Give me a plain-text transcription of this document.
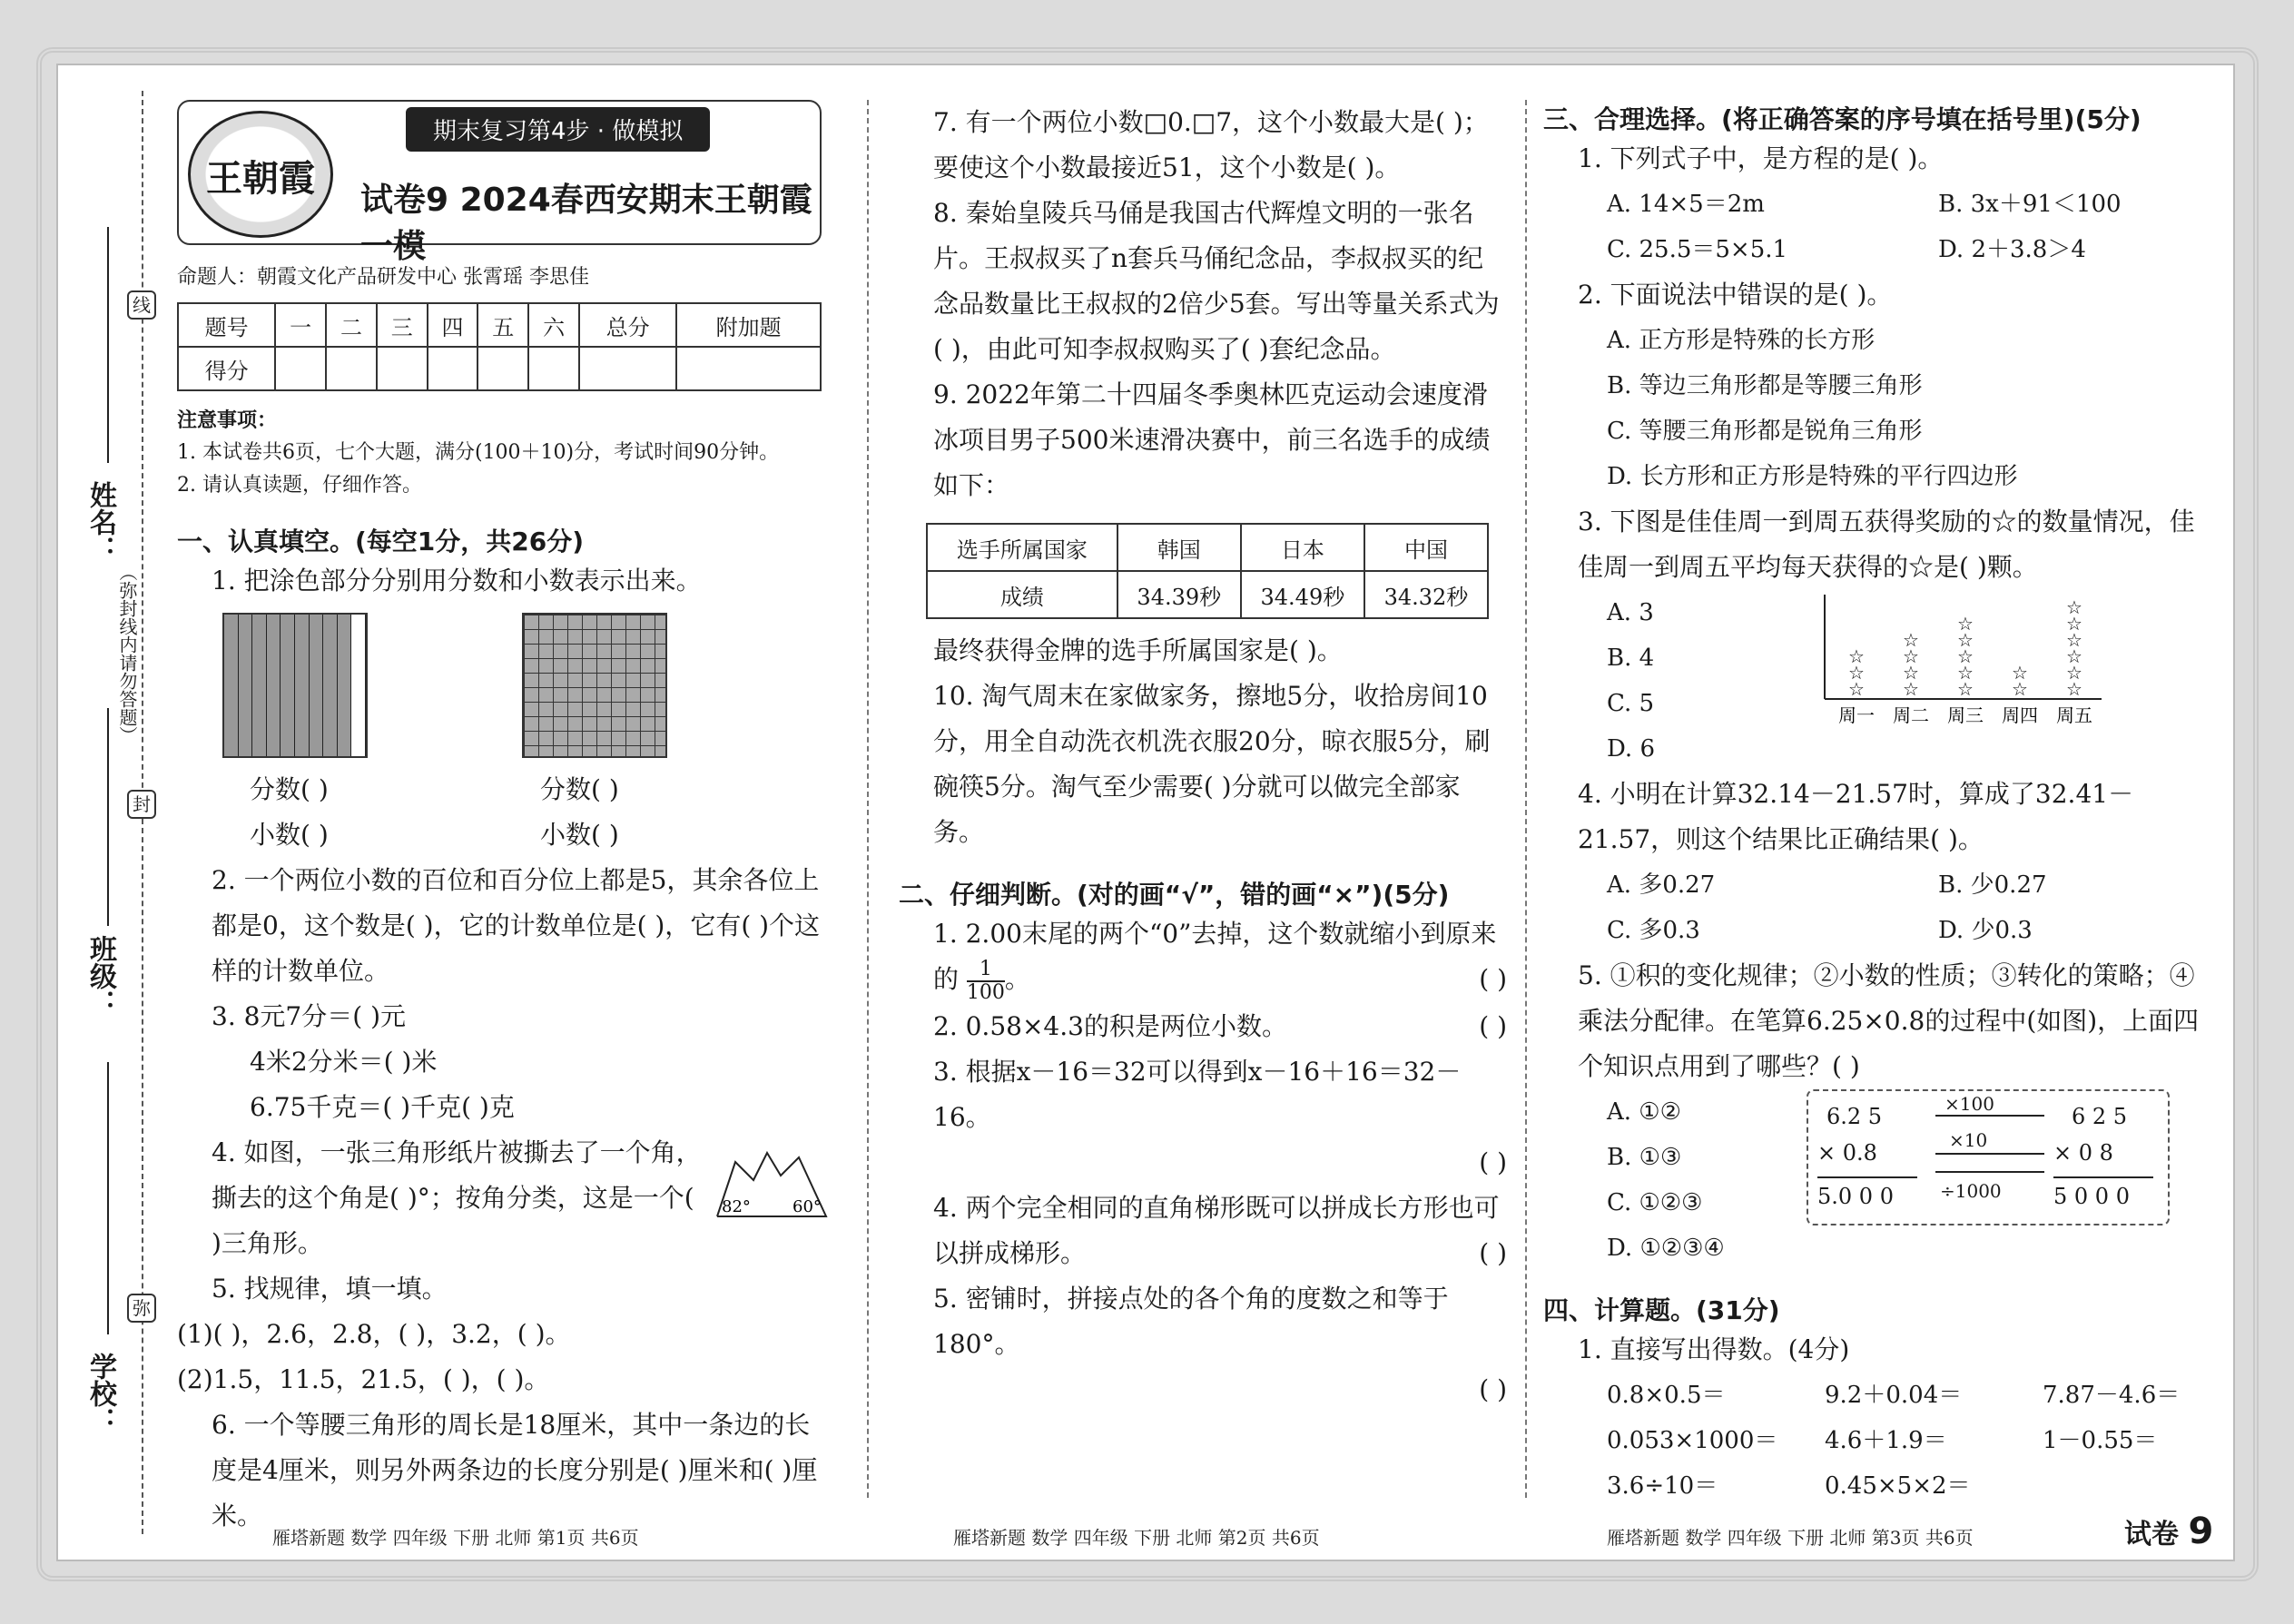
线
封
弥
姓名：
班级：
学校：
（弥封线内请勿答题）
王朝霞
期末复习第4步 · 做模拟
试卷9 2024春西安期末王朝霞一模
命题人：朝霞文化产品研发中心 张霄瑶 李思佳
题号	一	二	三	四	五	六	总分	附加题
得分								
注意事项：
1. 本试卷共6页，七个大题，满分(100＋10)分，考试时间90分钟。
2. 请认真读题，仔细作答。
一、认真填空。(每空1分，共26分)
1. 把涂色部分分别用分数和小数表示出来。
分数( )	分数( )
小数( )	小数( )
2. 一个两位小数的百位和百分位上都是5，其余各位上都是0，这个数是( )，它的计数单位是( )，它有( )个这样的计数单位。
3. 8元7分＝( )元
4米2分米＝( )米
6.75千克＝( )千克( )克
4. 如图，一张三角形纸片被撕去了一个角，撕去的这个角是( )°；按角分类，这是一个( )三角形。
82°	60°
5. 找规律，填一填。
(1)( )，2.6，2.8，( )，3.2，( )。
(2)1.5，11.5，21.5，( )，( )。
6. 一个等腰三角形的周长是18厘米，其中一条边的长度是4厘米，则另外两条边的长度分别是( )厘米和( )厘米。
7. 有一个两位小数□0.□7，这个小数最大是( )；要使这个小数最接近51，这个小数是( )。
8. 秦始皇陵兵马俑是我国古代辉煌文明的一张名片。王叔叔买了n套兵马俑纪念品，李叔叔买的纪念品数量比王叔叔的2倍少5套。写出等量关系式为( )，由此可知李叔叔购买了( )套纪念品。
9. 2022年第二十四届冬季奥林匹克运动会速度滑冰项目男子500米速滑决赛中，前三名选手的成绩如下：
选手所属国家	韩国	日本	中国
成绩	34.39秒	34.49秒	34.32秒
最终获得金牌的选手所属国家是( )。
10. 淘气周末在家做家务，擦地5分，收拾房间10分，用全自动洗衣机洗衣服20分，晾衣服5分，刷碗筷5分。淘气至少需要( )分就可以做完全部家务。
二、仔细判断。(对的画“√”，错的画“×”)(5分)
1. 2.00末尾的两个“0”去掉，这个数就缩小到原来的 $\frac{1}{100}$ 。	( )
2. 0.58×4.3的积是两位小数。	( )
3. 根据x－16＝32可以得到x－16＋16＝32－16。
( )
4. 两个完全相同的直角梯形既可以拼成长方形也可以拼成梯形。	( )
5. 密铺时，拼接点处的各个角的度数之和等于180°。
( )
三、合理选择。(将正确答案的序号填在括号里)(5分)
1. 下列式子中，是方程的是( )。
A. 14×5＝2m	B. 3x＋91＜100
C. 25.5＝5×5.1	D. 2＋3.8＞4
2. 下面说法中错误的是( )。
A. 正方形是特殊的长方形
B. 等边三角形都是等腰三角形
C. 等腰三角形都是锐角三角形
D. 长方形和正方形是特殊的平行四边形
3. 下图是佳佳周一到周五获得奖励的☆的数量情况，佳佳周一到周五平均每天获得的☆是( )颗。
A. 3
B. 4
C. 5
D. 6
☆
☆
☆
☆
☆
☆
☆
☆
☆
☆
☆
☆
☆
☆
☆
☆
☆
☆
☆
☆
周一 周二 周三 周四 周五
4. 小明在计算32.14－21.57时，算成了32.41－21.57，则这个结果比正确结果( )。
A. 多0.27	B. 少0.27
C. 多0.3	D. 少0.3
5. ①积的变化规律；②小数的性质；③转化的策略；④乘法分配律。在笔算6.25×0.8的过程中(如图)，上面四个知识点用到了哪些？( )
A. ①②
B. ①③
C. ①②③
D. ①②③④
6.2 5
× 0.8
5.0 0 0
6 2 5
× 0 8
5 0 0 0
×100
×10
÷1000
四、计算题。(31分)
1. 直接写出得数。(4分)
0.8×0.5＝	9.2＋0.04＝	7.87－4.6＝
0.053×1000＝	4.6＋1.9＝	1－0.55＝
3.6÷10＝	0.45×5×2＝
雁塔新题 数学 四年级 下册 北师 第1页 共6页	雁塔新题 数学 四年级 下册 北师 第2页 共6页	雁塔新题 数学 四年级 下册 北师 第3页 共6页	试卷 9
